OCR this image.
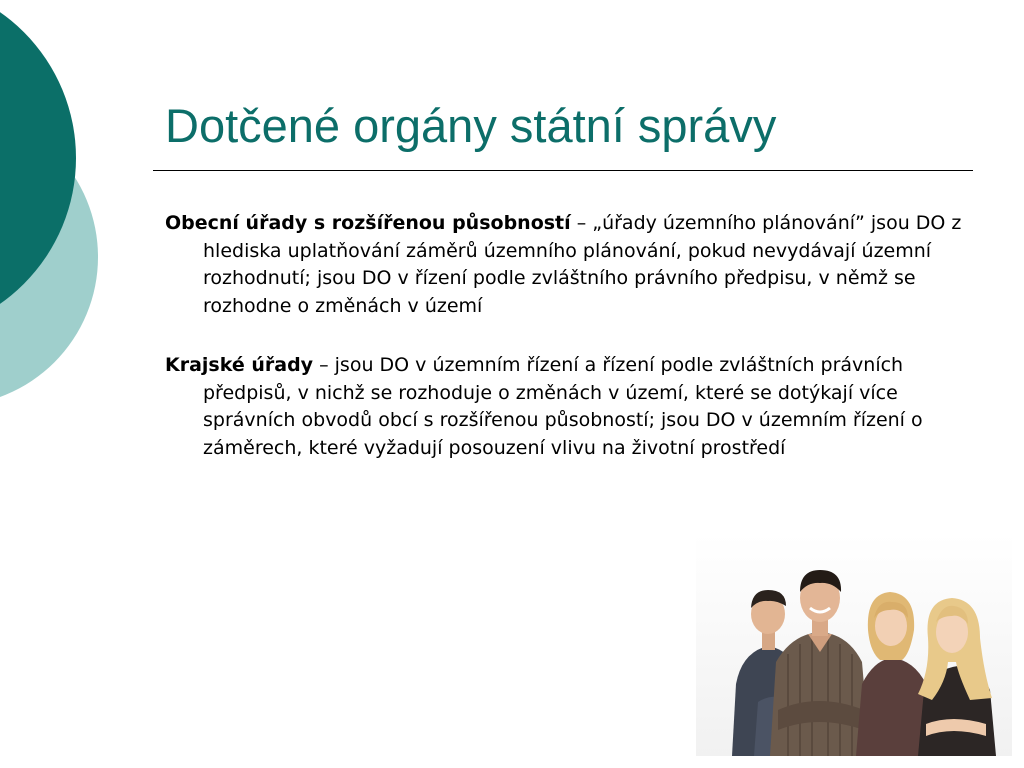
Dotčené orgány státní správy

Obecní úřady s rozšířenou působností – „úřady územního plánování” jsou DO z hlediska uplatňování záměrů územního plánování, pokud nevydávají územní rozhodnutí; jsou DO v řízení podle zvláštního právního předpisu, v němž se rozhodne o změnách v území

Krajské úřady – jsou DO v územním řízení a řízení podle zvláštních právních předpisů, v nichž se rozhoduje o změnách v území, které se dotýkají více správních obvodů obcí s rozšířenou působností; jsou DO v územním řízení o záměrech, které vyžadují posouzení vlivu na životní prostředí
